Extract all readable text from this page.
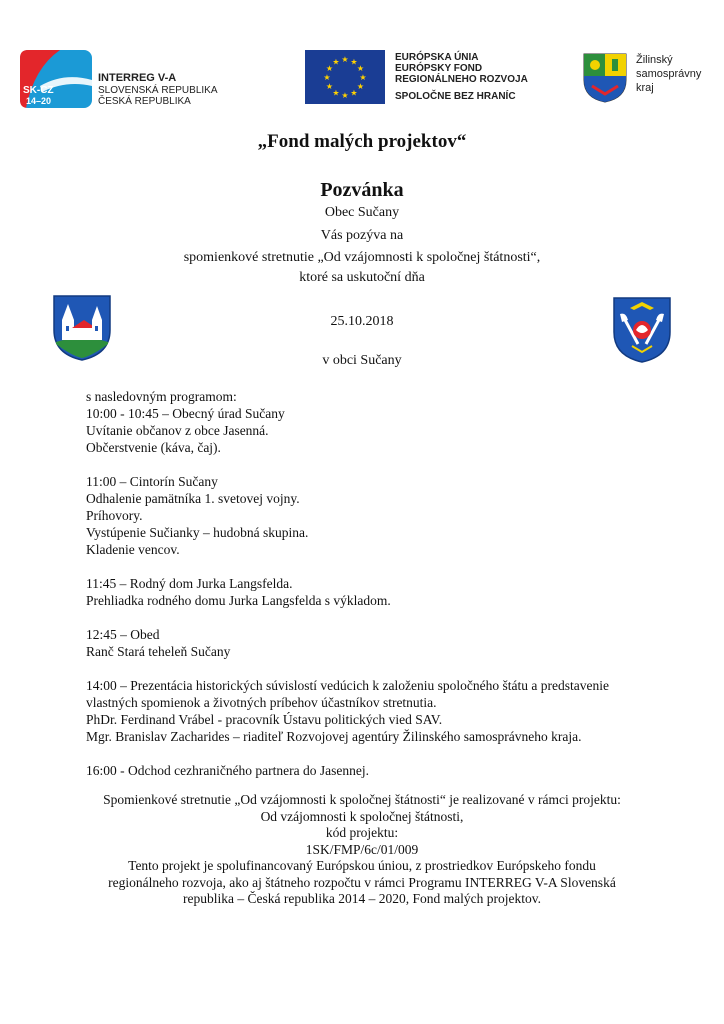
SK-CZ
14–20
INTERREG V-A
SLOVENSKÁ REPUBLIKA
ČESKÁ REPUBLIKA
★ ★
★
★
★
★
★
★
★
★
★
★	EURÓPSKA ÚNIA
EURÓPSKY FOND
REGIONÁLNEHO ROZVOJA
SPOLOČNE BEZ HRANÍC
Žilinský
samosprávny
kraj
„Fond malých projektov“
Pozvánka
Obec Sučany
Vás pozýva na
spomienkové stretnutie „Od vzájomnosti k spoločnej štátnosti“,
ktoré sa uskutoční dňa
25.10.2018
v obci Sučany
s nasledovným programom:
10:00 - 10:45 – Obecný úrad Sučany
Uvítanie občanov z obce Jasenná.
Občerstvenie (káva, čaj).
11:00 – Cintorín Sučany
Odhalenie pamätníka 1. svetovej vojny.
Príhovory.
Vystúpenie Sučianky – hudobná skupina.
Kladenie vencov.
11:45 – Rodný dom Jurka Langsfelda.
Prehliadka rodného domu Jurka Langsfelda s výkladom.
12:45 – Obed
Ranč Stará teheleň Sučany
14:00 – Prezentácia historických súvislostí vedúcich k založeniu spoločného štátu a predstavenie
vlastných spomienok a životných príbehov účastníkov stretnutia.
PhDr. Ferdinand Vrábel - pracovník Ústavu politických vied SAV.
Mgr. Branislav Zacharides – riaditeľ Rozvojovej agentúry Žilinského samosprávneho kraja.
16:00 - Odchod cezhraničného partnera do Jasennej.
Spomienkové stretnutie „Od vzájomnosti k spoločnej štátnosti“ je realizované v rámci projektu:
Od vzájomnosti k spoločnej štátnosti,
kód projektu:
1SK/FMP/6c/01/009
Tento projekt je spolufinancovaný Európskou úniou, z prostriedkov Európskeho fondu
regionálneho rozvoja, ako aj štátneho rozpočtu v rámci Programu INTERREG V-A Slovenská
republika – Česká republika 2014 – 2020, Fond malých projektov.
